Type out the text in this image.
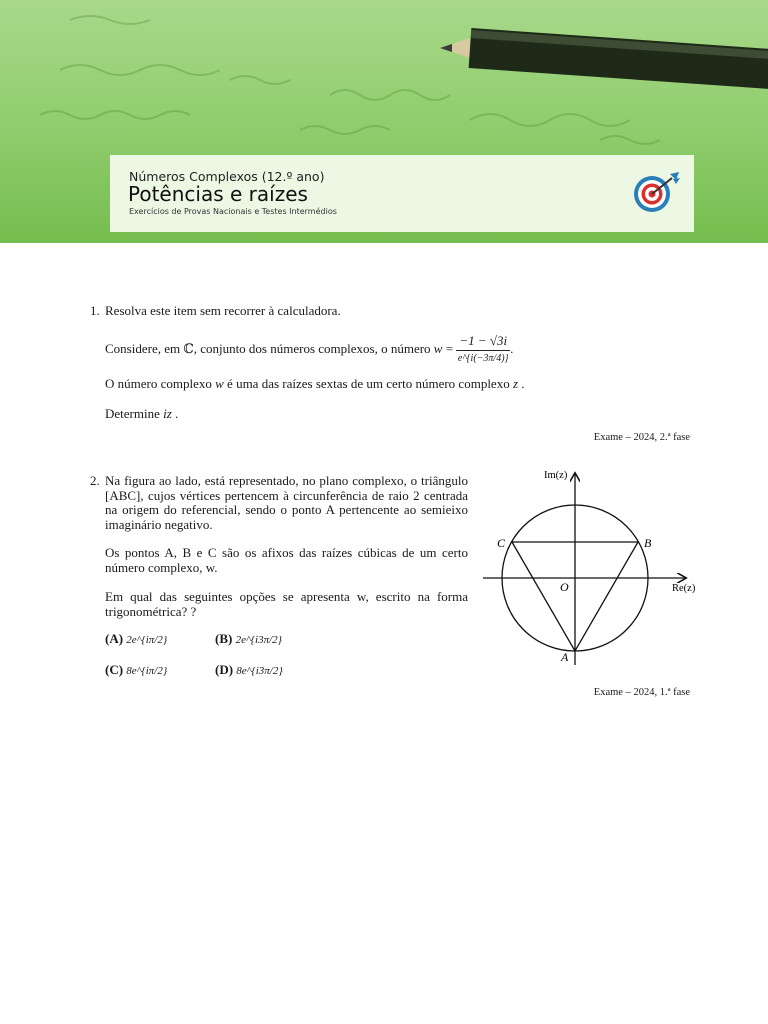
Números Complexos (12.º ano)
Potências e raízes
Exercícios de Provas Nacionais e Testes Intermédios
1. Resolva este item sem recorrer à calculadora.
Considere, em ℂ, conjunto dos números complexos, o número $w = \frac{-1 - √3i}{e\^{}\{i(-3\pi/4)\}}$ .
O número complexo w é uma das raízes sextas de um certo número complexo z .
Determine iz .
Exame – 2024, 2.ª fase
2. Na figura ao lado, está representado, no plano complexo, o triângulo [ABC], cujos vértices pertencem à circunferência de raio 2 centrada na origem do referencial, sendo o ponto A pertencente ao semieixo imaginário negativo.
Os pontos A, B e C são os afixos das raízes cúbicas de um certo número complexo, w.
Em qual das seguintes opções se apresenta w, escrito na forma trigonométrica? ?
(A) 2e^{iπ/2}	(B) 2e^{i3π/2}
(C) 8e^{iπ/2}	(D) 8e^{i3π/2}
Im(z)
Re(z)
O
A
B
C
Exame – 2024, 1.ª fase
